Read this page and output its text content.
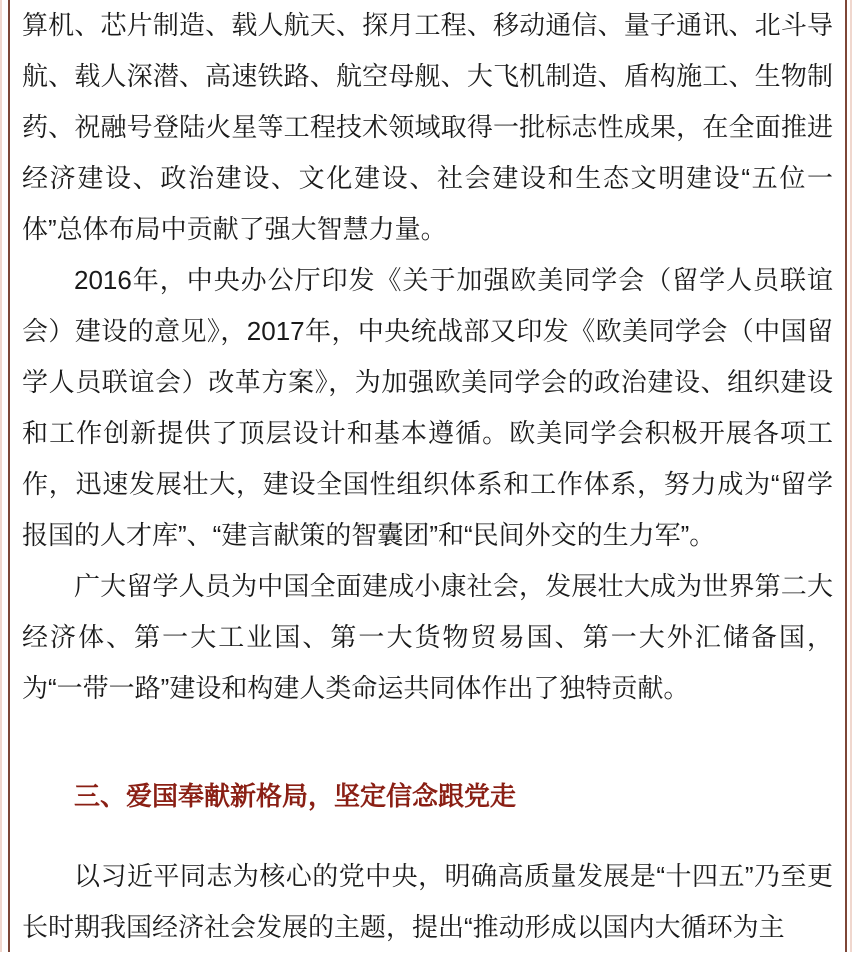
算机、芯片制造、载人航天、探月工程、移动通信、量子通讯、北斗导航、载人深潜、高速铁路、航空母舰、大飞机制造、盾构施工、生物制药、祝融号登陆火星等工程技术领域取得一批标志性成果，在全面推进经济建设、政治建设、文化建设、社会建设和生态文明建设“五位一体”总体布局中贡献了强大智慧力量。

2016年，中央办公厅印发《关于加强欧美同学会（留学人员联谊会）建设的意见》，2017年，中央统战部又印发《欧美同学会（中国留学人员联谊会）改革方案》，为加强欧美同学会的政治建设、组织建设和工作创新提供了顶层设计和基本遵循。欧美同学会积极开展各项工作，迅速发展壮大，建设全国性组织体系和工作体系，努力成为“留学报国的人才库”、“建言献策的智囊团”和“民间外交的生力军”。

广大留学人员为中国全面建成小康社会，发展壮大成为世界第二大经济体、第一大工业国、第一大货物贸易国、第一大外汇储备国，为“一带一路”建设和构建人类命运共同体作出了独特贡献。

三、爱国奉献新格局，坚定信念跟党走

以习近平同志为核心的党中央，明确高质量发展是“十四五”乃至更长时期我国经济社会发展的主题，提出“推动形成以国内大循环为主
